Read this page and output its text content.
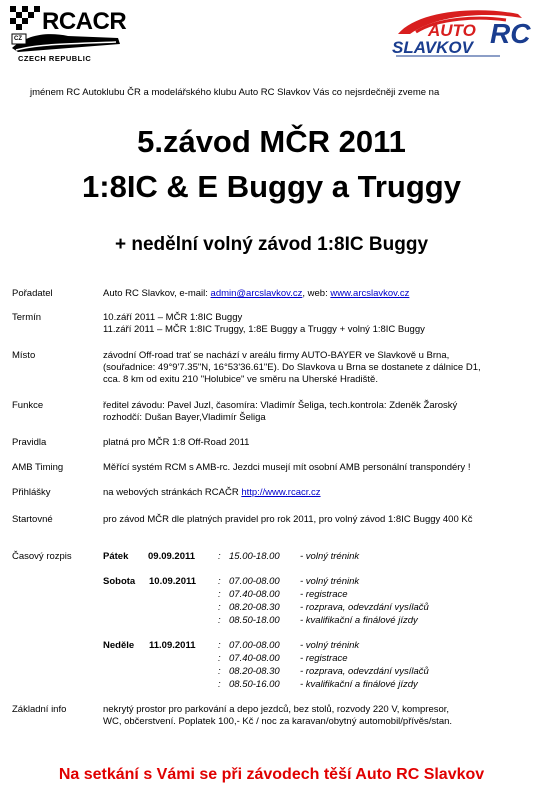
RCACR
CZ
CZECH REPUBLIC
AUTO RC
SLAVKOV
jménem RC Autoklubu ČR a modelářského klubu Auto RC Slavkov Vás co nejsrdečněji zveme na
5.závod MČR 2011
1:8IC & E Buggy a Truggy
+ nedělní volný závod 1:8IC Buggy
Pořadatel	Auto RC Slavkov, e-mail: admin@arcslavkov.cz, web: www.arcslavkov.cz
Termín	10.září 2011 – MČR 1:8IC Buggy
11.září 2011 – MČR 1:8IC Truggy, 1:8E Buggy a Truggy + volný 1:8IC Buggy
Místo	závodní Off-road trať se nachází v areálu firmy AUTO-BAYER ve Slavkově u Brna,
(souřadnice: 49°9'7.35"N, 16°53'36.61"E). Do Slavkova u Brna se dostanete z dálnice D1,
cca. 8 km od exitu 210 "Holubice" ve směru na Uherské Hradiště.
Funkce	ředitel závodu: Pavel Juzl, časomíra: Vladimír Šeliga, tech.kontrola: Zdeněk Žaroský
rozhodčí: Dušan Bayer,Vladimír Šeliga
Pravidla	platná pro MČR 1:8 Off-Road 2011
AMB Timing	Měřící systém RCM s AMB-rc. Jezdci musejí mít osobní AMB personální transpondéry !
Přihlášky	na webových stránkách RCAČR http://www.rcacr.cz
Startovné	pro závod MČR dle platných pravidel pro rok 2011, pro volný závod 1:8IC Buggy 400 Kč
Časový rozpis	Pátek 09.09.2011 : 15.00-18.00 - volný trénink
Sobota 10.09.2011 : 07.00-08.00 - volný trénink
: 07.40-08.00 - registrace
: 08.20-08.30 - rozprava, odevzdání vysílačů
: 08.50-18.00 - kvalifikační a finálové jízdy
Neděle 11.09.2011 : 07.00-08.00 - volný trénink
: 07.40-08.00 - registrace
: 08.20-08.30 - rozprava, odevzdání vysílačů
: 08.50-16.00 - kvalifikační a finálové jízdy
Základní info	nekrytý prostor pro parkování a depo jezdců, bez stolů, rozvody 220 V, kompresor,
WC, občerstvení. Poplatek 100,- Kč / noc za karavan/obytný automobil/přívěs/stan.
Na setkání s Vámi se při závodech těší Auto RC Slavkov
